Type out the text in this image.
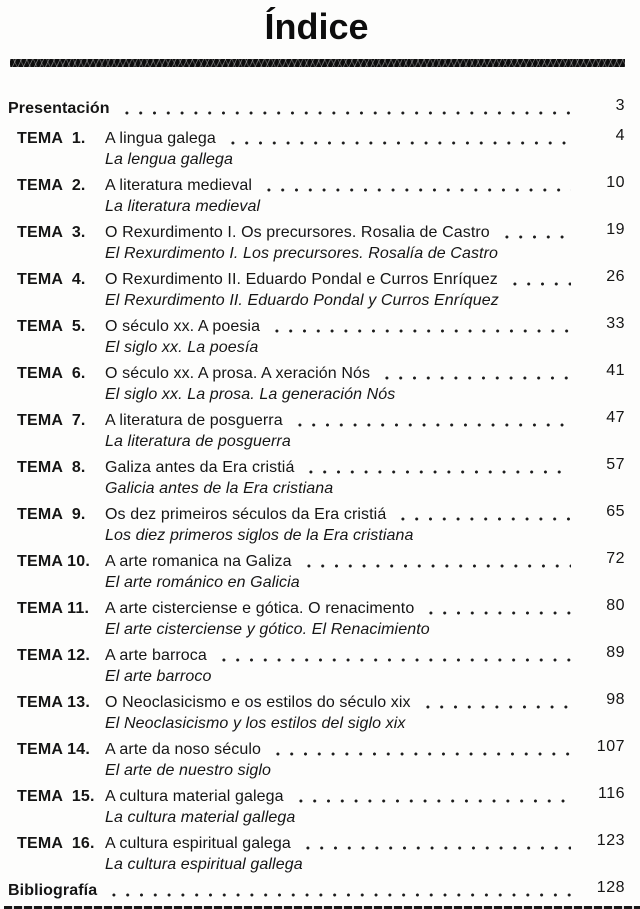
Índice
Presentación	3
TEMA  1.	A lingua galega	4
La lengua gallega
TEMA  2.	A literatura medieval	10
La literatura medieval
TEMA  3.	O Rexurdimento I. Os precursores. Rosalia de Castro	19
El Rexurdimento I. Los precursores. Rosalía de Castro
TEMA  4.	O Rexurdimento II. Eduardo Pondal e Curros Enríquez	26
El Rexurdimento II. Eduardo Pondal y Curros Enríquez
TEMA  5.	O século xx. A poesia	33
El siglo xx. La poesía
TEMA  6.	O século xx. A prosa. A xeración Nós	41
El siglo xx. La prosa. La generación Nós
TEMA  7.	A literatura de posguerra	47
La literatura de posguerra
TEMA  8.	Galiza antes da Era cristiá	57
Galicia antes de la Era cristiana
TEMA  9.	Os dez primeiros séculos da Era cristiá	65
Los diez primeros siglos de la Era cristiana
TEMA 10. A arte romanica na Galiza	72
El arte románico en Galicia
TEMA 11. A arte cisterciense e gótica. O renacimento	80
El arte cisterciense y gótico. El Renacimiento
TEMA 12. A arte barroca	89
El arte barroco
TEMA 13. O Neoclasicismo e os estilos do século xix	98
El Neoclasicismo y los estilos del siglo xix
TEMA 14. A arte da noso século	107
El arte de nuestro siglo
TEMA  15. A cultura material galega	116
La cultura material gallega
TEMA  16. A cultura espiritual galega	123
La cultura espiritual gallega
Bibliografía	128
